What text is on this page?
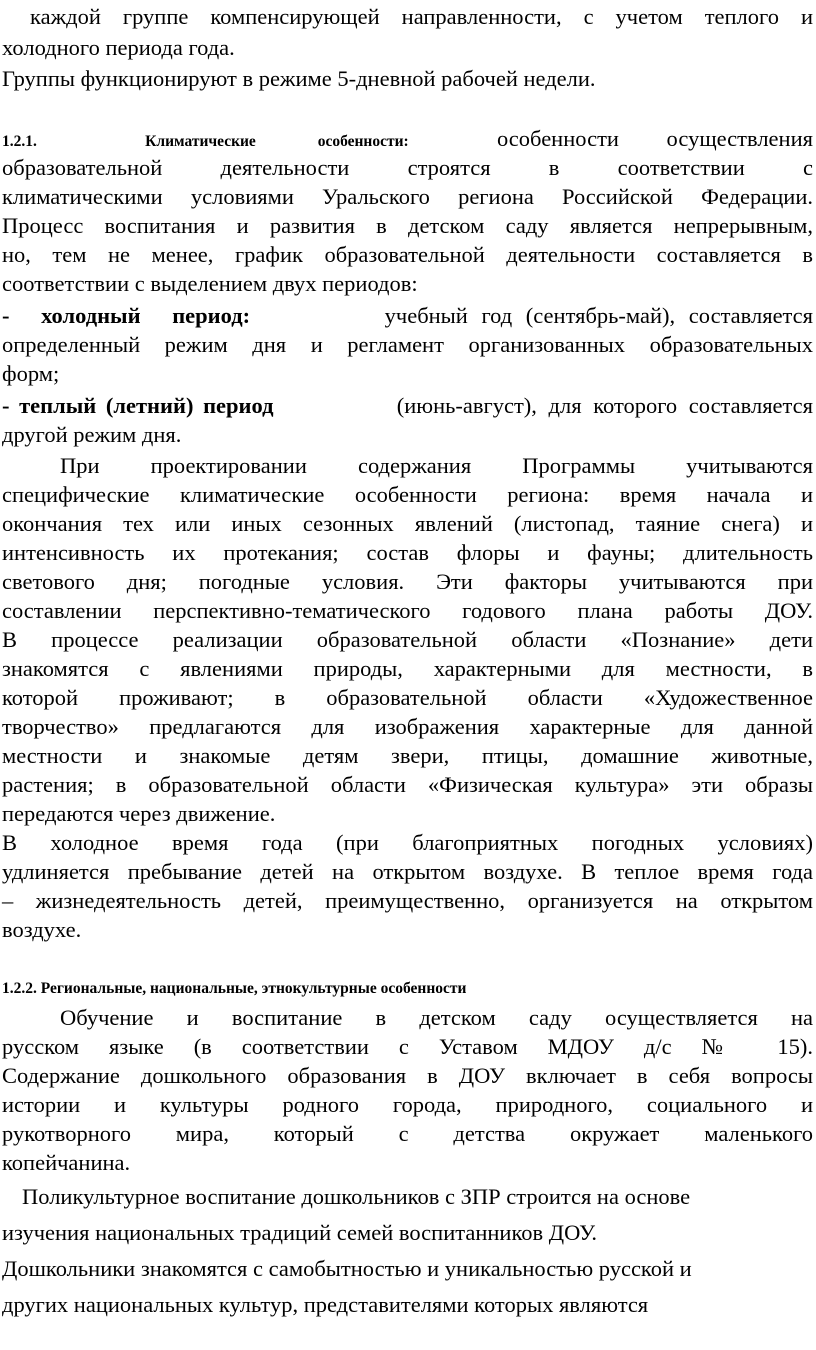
каждой группе компенсирующей направленности, с учетом теплого и
холодного периода года.
Группы функционируют в режиме 5-дневной рабочей недели.
1.2.1.	Климатические особенности:	особенности осуществления
образовательной деятельности строятся в соответствии с
климатическими условиями Уральского региона Российской Федерации.
Процесс воспитания и развития в детском саду является непрерывным,
но, тем не менее, график образовательной деятельности составляется в
соответствии с выделением двух периодов:
- холодный период:	учебный год (сентябрь-май), составляется
определенный режим дня и регламент организованных образовательных
форм;
- теплый (летний) период	(июнь-август), для которого составляется
другой режим дня.
При проектировании содержания Программы учитываются
специфические климатические особенности региона: время начала и
окончания тех или иных сезонных явлений (листопад, таяние снега) и
интенсивность их протекания; состав флоры и фауны; длительность
светового дня; погодные условия. Эти факторы учитываются при
составлении перспективно-тематического годового плана работы ДОУ.
В процессе реализации образовательной области «Познание» дети
знакомятся с явлениями природы, характерными для местности, в
которой проживают; в образовательной области «Художественное
творчество» предлагаются для изображения характерные для данной
местности и знакомые детям звери, птицы, домашние животные,
растения; в образовательной области «Физическая культура» эти образы
передаются через движение.
В холодное время года (при благоприятных погодных условиях)
удлиняется пребывание детей на открытом воздухе. В теплое время года
– жизнедеятельность детей, преимущественно, организуется на открытом
воздухе.
1.2.2. Региональные, национальные, этнокультурные особенности
Обучение и воспитание в детском саду осуществляется на
русском языке (в соответствии с Уставом МДОУ д/с № 15).
Содержание дошкольного образования в ДОУ включает в себя вопросы
истории и культуры родного города, природного, социального и
рукотворного мира, который с детства окружает маленького
копейчанина.
Поликультурное воспитание дошкольников с ЗПР строится на основе
изучения национальных традиций семей воспитанников ДОУ.
Дошкольники знакомятся с самобытностью и уникальностью русской и
других национальных культур, представителями которых являются
